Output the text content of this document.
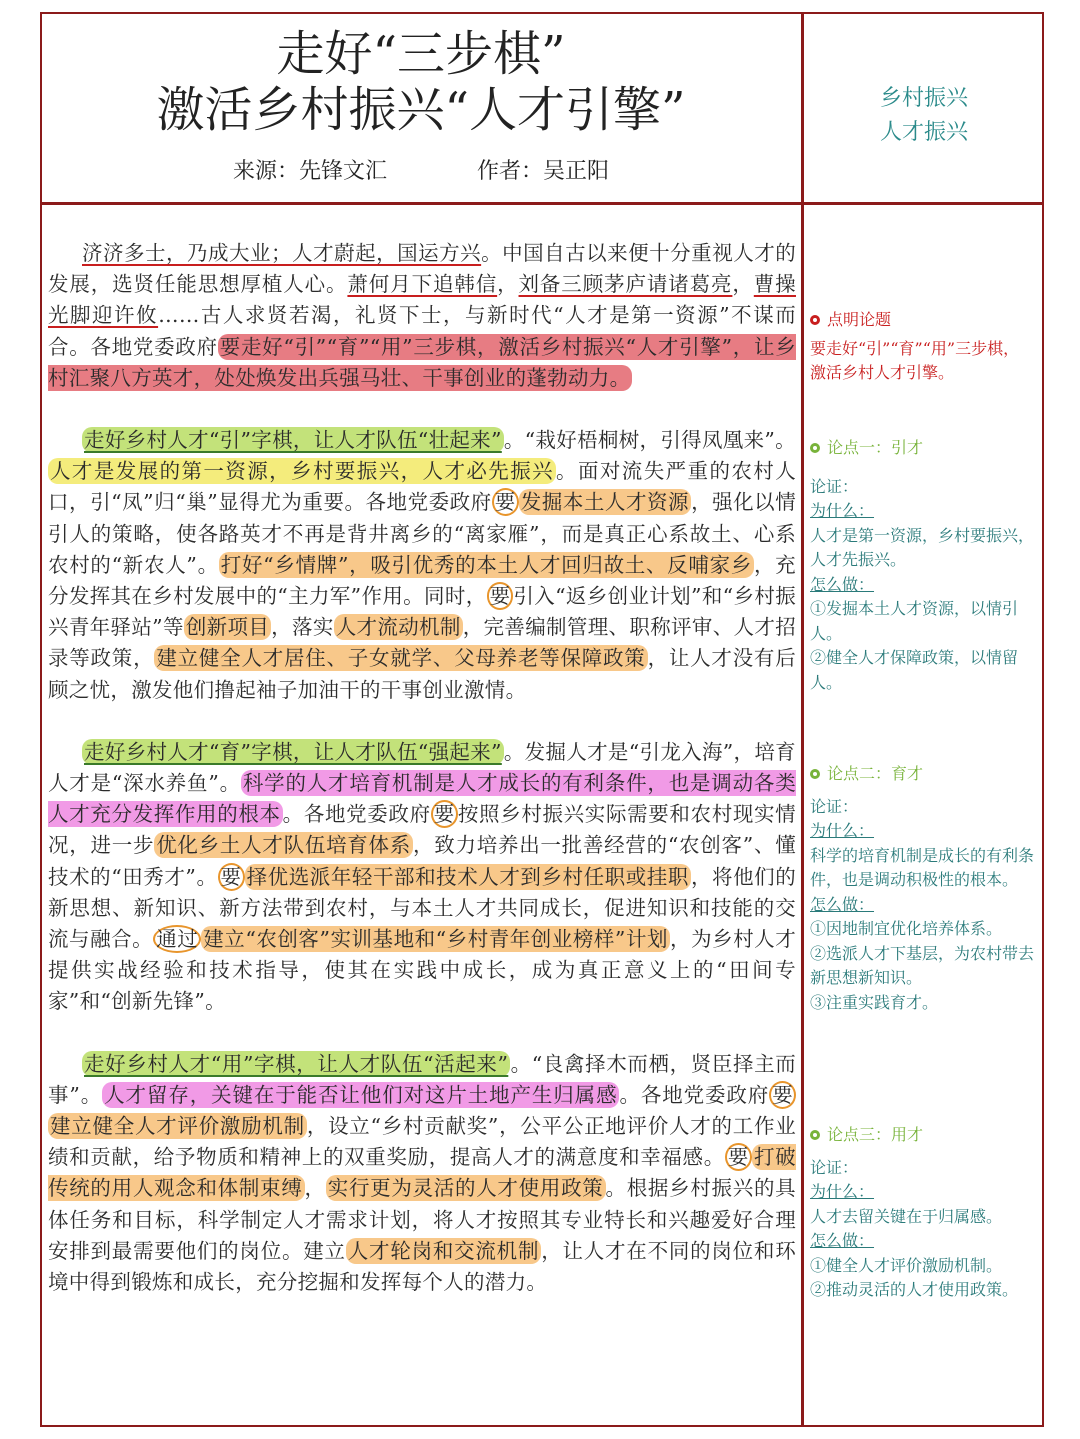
走好“三步棋”
激活乡村振兴“人才引擎”
来源：先锋文汇	作者：吴正阳
乡村振兴
人才振兴

济济多士，乃成大业；人才蔚起，国运方兴。中国自古以来便十分重视人才的发展，选贤任能思想厚植人心。萧何月下追韩信，刘备三顾茅庐请诸葛亮，曹操光脚迎许攸……古人求贤若渴，礼贤下士，与新时代“人才是第一资源”不谋而合。各地党委政府要走好“引”“育”“用”三步棋，激活乡村振兴“人才引擎”，让乡村汇聚八方英才，处处焕发出兵强马壮、干事创业的蓬勃动力。

走好乡村人才“引”字棋，让人才队伍“壮起来”。“栽好梧桐树，引得凤凰来”。人才是发展的第一资源，乡村要振兴，人才必先振兴。面对流失严重的农村人口，引“凤”归“巢”显得尤为重要。各地党委政府 要 发掘本土人才资源，强化以情引人的策略，使各路英才不再是背井离乡的“离家雁”，而是真正心系故土、心系农村的“新农人”。打好“乡情牌”，吸引优秀的本土人才回归故土、反哺家乡，充分发挥其在乡村发展中的“主力军”作用。同时， 要 引入“返乡创业计划”和“乡村振兴青年驿站”等创新项目，落实人才流动机制，完善编制管理、职称评审、人才招录等政策，建立健全人才居住、子女就学、父母养老等保障政策，让人才没有后顾之忧，激发他们撸起袖子加油干的干事创业激情。

走好乡村人才“育”字棋，让人才队伍“强起来”。发掘人才是“引龙入海”，培育人才是“深水养鱼”。科学的人才培育机制是人才成长的有利条件，也是调动各类人才充分发挥作用的根本。各地党委政府 要 按照乡村振兴实际需要和农村现实情况，进一步优化乡土人才队伍培育体系，致力培养出一批善经营的“农创客”、懂技术的“田秀才”。 要 择优选派年轻干部和技术人才到乡村任职或挂职，将他们的新思想、新知识、新方法带到农村，与本土人才共同成长，促进知识和技能的交流与融合。 通过 建立“农创客”实训基地和“乡村青年创业榜样”计划，为乡村人才提供实战经验和技术指导，使其在实践中成长，成为真正意义上的“田间专家”和“创新先锋”。

走好乡村人才“用”字棋，让人才队伍“活起来”。“良禽择木而栖，贤臣择主而事”。人才留存，关键在于能否让他们对这片土地产生归属感。各地党委政府 要建立健全人才评价激励机制，设立“乡村贡献奖”，公平公正地评价人才的工作业绩和贡献，给予物质和精神上的双重奖励，提高人才的满意度和幸福感。 要 打破传统的用人观念和体制束缚，实行更为灵活的人才使用政策。根据乡村振兴的具体任务和目标，科学制定人才需求计划，将人才按照其专业特长和兴趣爱好合理安排到最需要他们的岗位。建立人才轮岗和交流机制，让人才在不同的岗位和环境中得到锻炼和成长，充分挖掘和发挥每个人的潜力。

点明论题
要走好“引”“育”“用”三步棋，激活乡村人才引擎。
论点一：引才
论证：
为什么：
人才是第一资源，乡村要振兴，人才先振兴。
怎么做：
①发掘本土人才资源，以情引人。
②健全人才保障政策，以情留人。
论点二：育才
论证：
为什么：
科学的培育机制是成长的有利条件，也是调动积极性的根本。
怎么做：
①因地制宜优化培养体系。
②选派人才下基层，为农村带去新思想新知识。
③注重实践育才。
论点三：用才
论证：
为什么：
人才去留关键在于归属感。
怎么做：
①健全人才评价激励机制。
②推动灵活的人才使用政策。
